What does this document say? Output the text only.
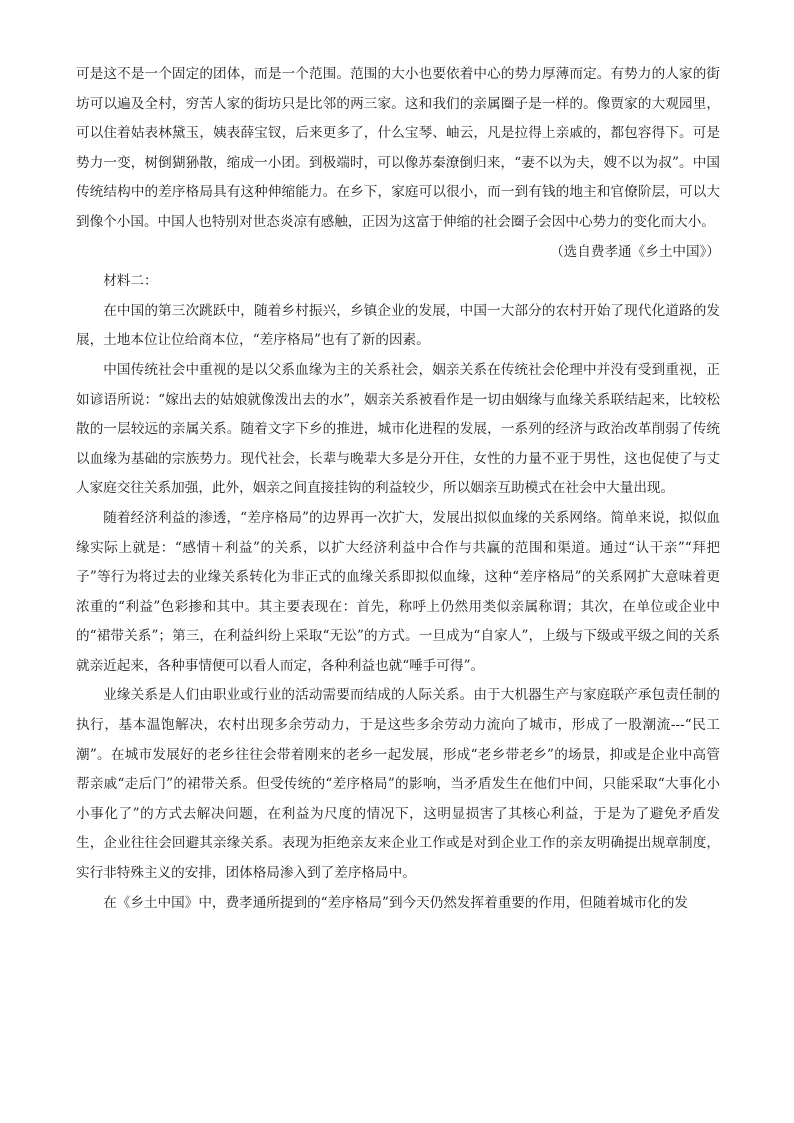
可是这不是一个固定的团体，而是一个范围。范围的大小也要依着中心的势力厚薄而定。有势力的人家的街坊可以遍及全村，穷苦人家的街坊只是比邻的两三家。这和我们的亲属圈子是一样的。像贾家的大观园里，可以住着姑表林黛玉，姨表薛宝钗，后来更多了，什么宝琴、岫云，凡是拉得上亲戚的，都包容得下。可是势力一变，树倒猢狲散，缩成一小团。到极端时，可以像苏秦潦倒归来，“妻不以为夫，嫂不以为叔”。中国传统结构中的差序格局具有这种伸缩能力。在乡下，家庭可以很小，而一到有钱的地主和官僚阶层，可以大到像个小国。中国人也特别对世态炎凉有感触，正因为这富于伸缩的社会圈子会因中心势力的变化而大小。

（选自费孝通《乡土中国》）

材料二：

在中国的第三次跳跃中，随着乡村振兴，乡镇企业的发展，中国一大部分的农村开始了现代化道路的发展，土地本位让位给商本位，“差序格局”也有了新的因素。

中国传统社会中重视的是以父系血缘为主的关系社会，姻亲关系在传统社会伦理中并没有受到重视，正如谚语所说：“嫁出去的姑娘就像泼出去的水”，姻亲关系被看作是一切由姻缘与血缘关系联结起来，比较松散的一层较远的亲属关系。随着文字下乡的推进，城市化进程的发展，一系列的经济与政治改革削弱了传统以血缘为基础的宗族势力。现代社会，长辈与晚辈大多是分开住，女性的力量不亚于男性，这也促使了与丈人家庭交往关系加强，此外，姻亲之间直接挂钩的利益较少，所以姻亲互助模式在社会中大量出现。

随着经济利益的渗透，“差序格局”的边界再一次扩大，发展出拟似血缘的关系网络。简单来说，拟似血缘实际上就是：“感情＋利益”的关系，以扩大经济利益中合作与共赢的范围和渠道。通过“认干亲”“拜把子”等行为将过去的业缘关系转化为非正式的血缘关系即拟似血缘，这种“差序格局”的关系网扩大意味着更浓重的“利益”色彩掺和其中。其主要表现在：首先，称呼上仍然用类似亲属称谓；其次，在单位或企业中的“裙带关系”；第三，在利益纠纷上采取“无讼”的方式。一旦成为“自家人”，上级与下级或平级之间的关系就亲近起来，各种事情便可以看人而定，各种利益也就“唾手可得”。

业缘关系是人们由职业或行业的活动需要而结成的人际关系。由于大机器生产与家庭联产承包责任制的执行，基本温饱解决，农村出现多余劳动力，于是这些多余劳动力流向了城市，形成了一股潮流---“民工潮”。在城市发展好的老乡往往会带着刚来的老乡一起发展，形成“老乡带老乡”的场景，抑或是企业中高管帮亲戚“走后门”的裙带关系。但受传统的“差序格局”的影响，当矛盾发生在他们中间，只能采取“大事化小小事化了”的方式去解决问题，在利益为尺度的情况下，这明显损害了其核心利益，于是为了避免矛盾发生，企业往往会回避其亲缘关系。表现为拒绝亲友来企业工作或是对到企业工作的亲友明确提出规章制度，实行非特殊主义的安排，团体格局渗入到了差序格局中。

在《乡土中国》中，费孝通所提到的“差序格局”到今天仍然发挥着重要的作用，但随着城市化的发
